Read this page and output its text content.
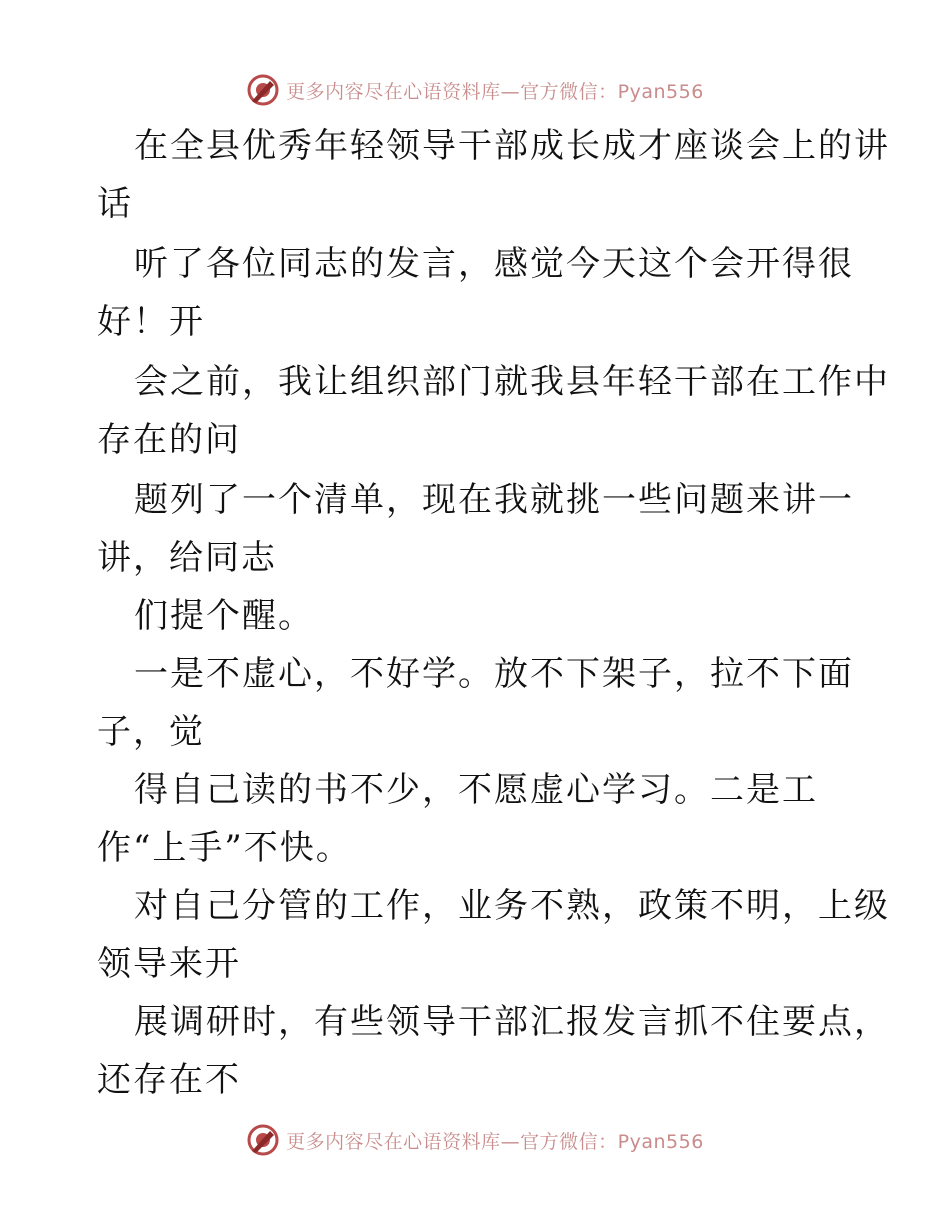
更多内容尽在心语资料库—官方微信：Pyan556
在全县优秀年轻领导干部成长成才座谈会上的讲
话
听了各位同志的发言，感觉今天这个会开得很
好！开
会之前，我让组织部门就我县年轻干部在工作中
存在的问
题列了一个清单，现在我就挑一些问题来讲一
讲，给同志
们提个醒。
一是不虚心，不好学。放不下架子，拉不下面
子，觉
得自己读的书不少，不愿虚心学习。二是工
作“上手”不快。
对自己分管的工作，业务不熟，政策不明，上级
领导来开
展调研时，有些领导干部汇报发言抓不住要点，
还存在不
更多内容尽在心语资料库—官方微信：Pyan556
